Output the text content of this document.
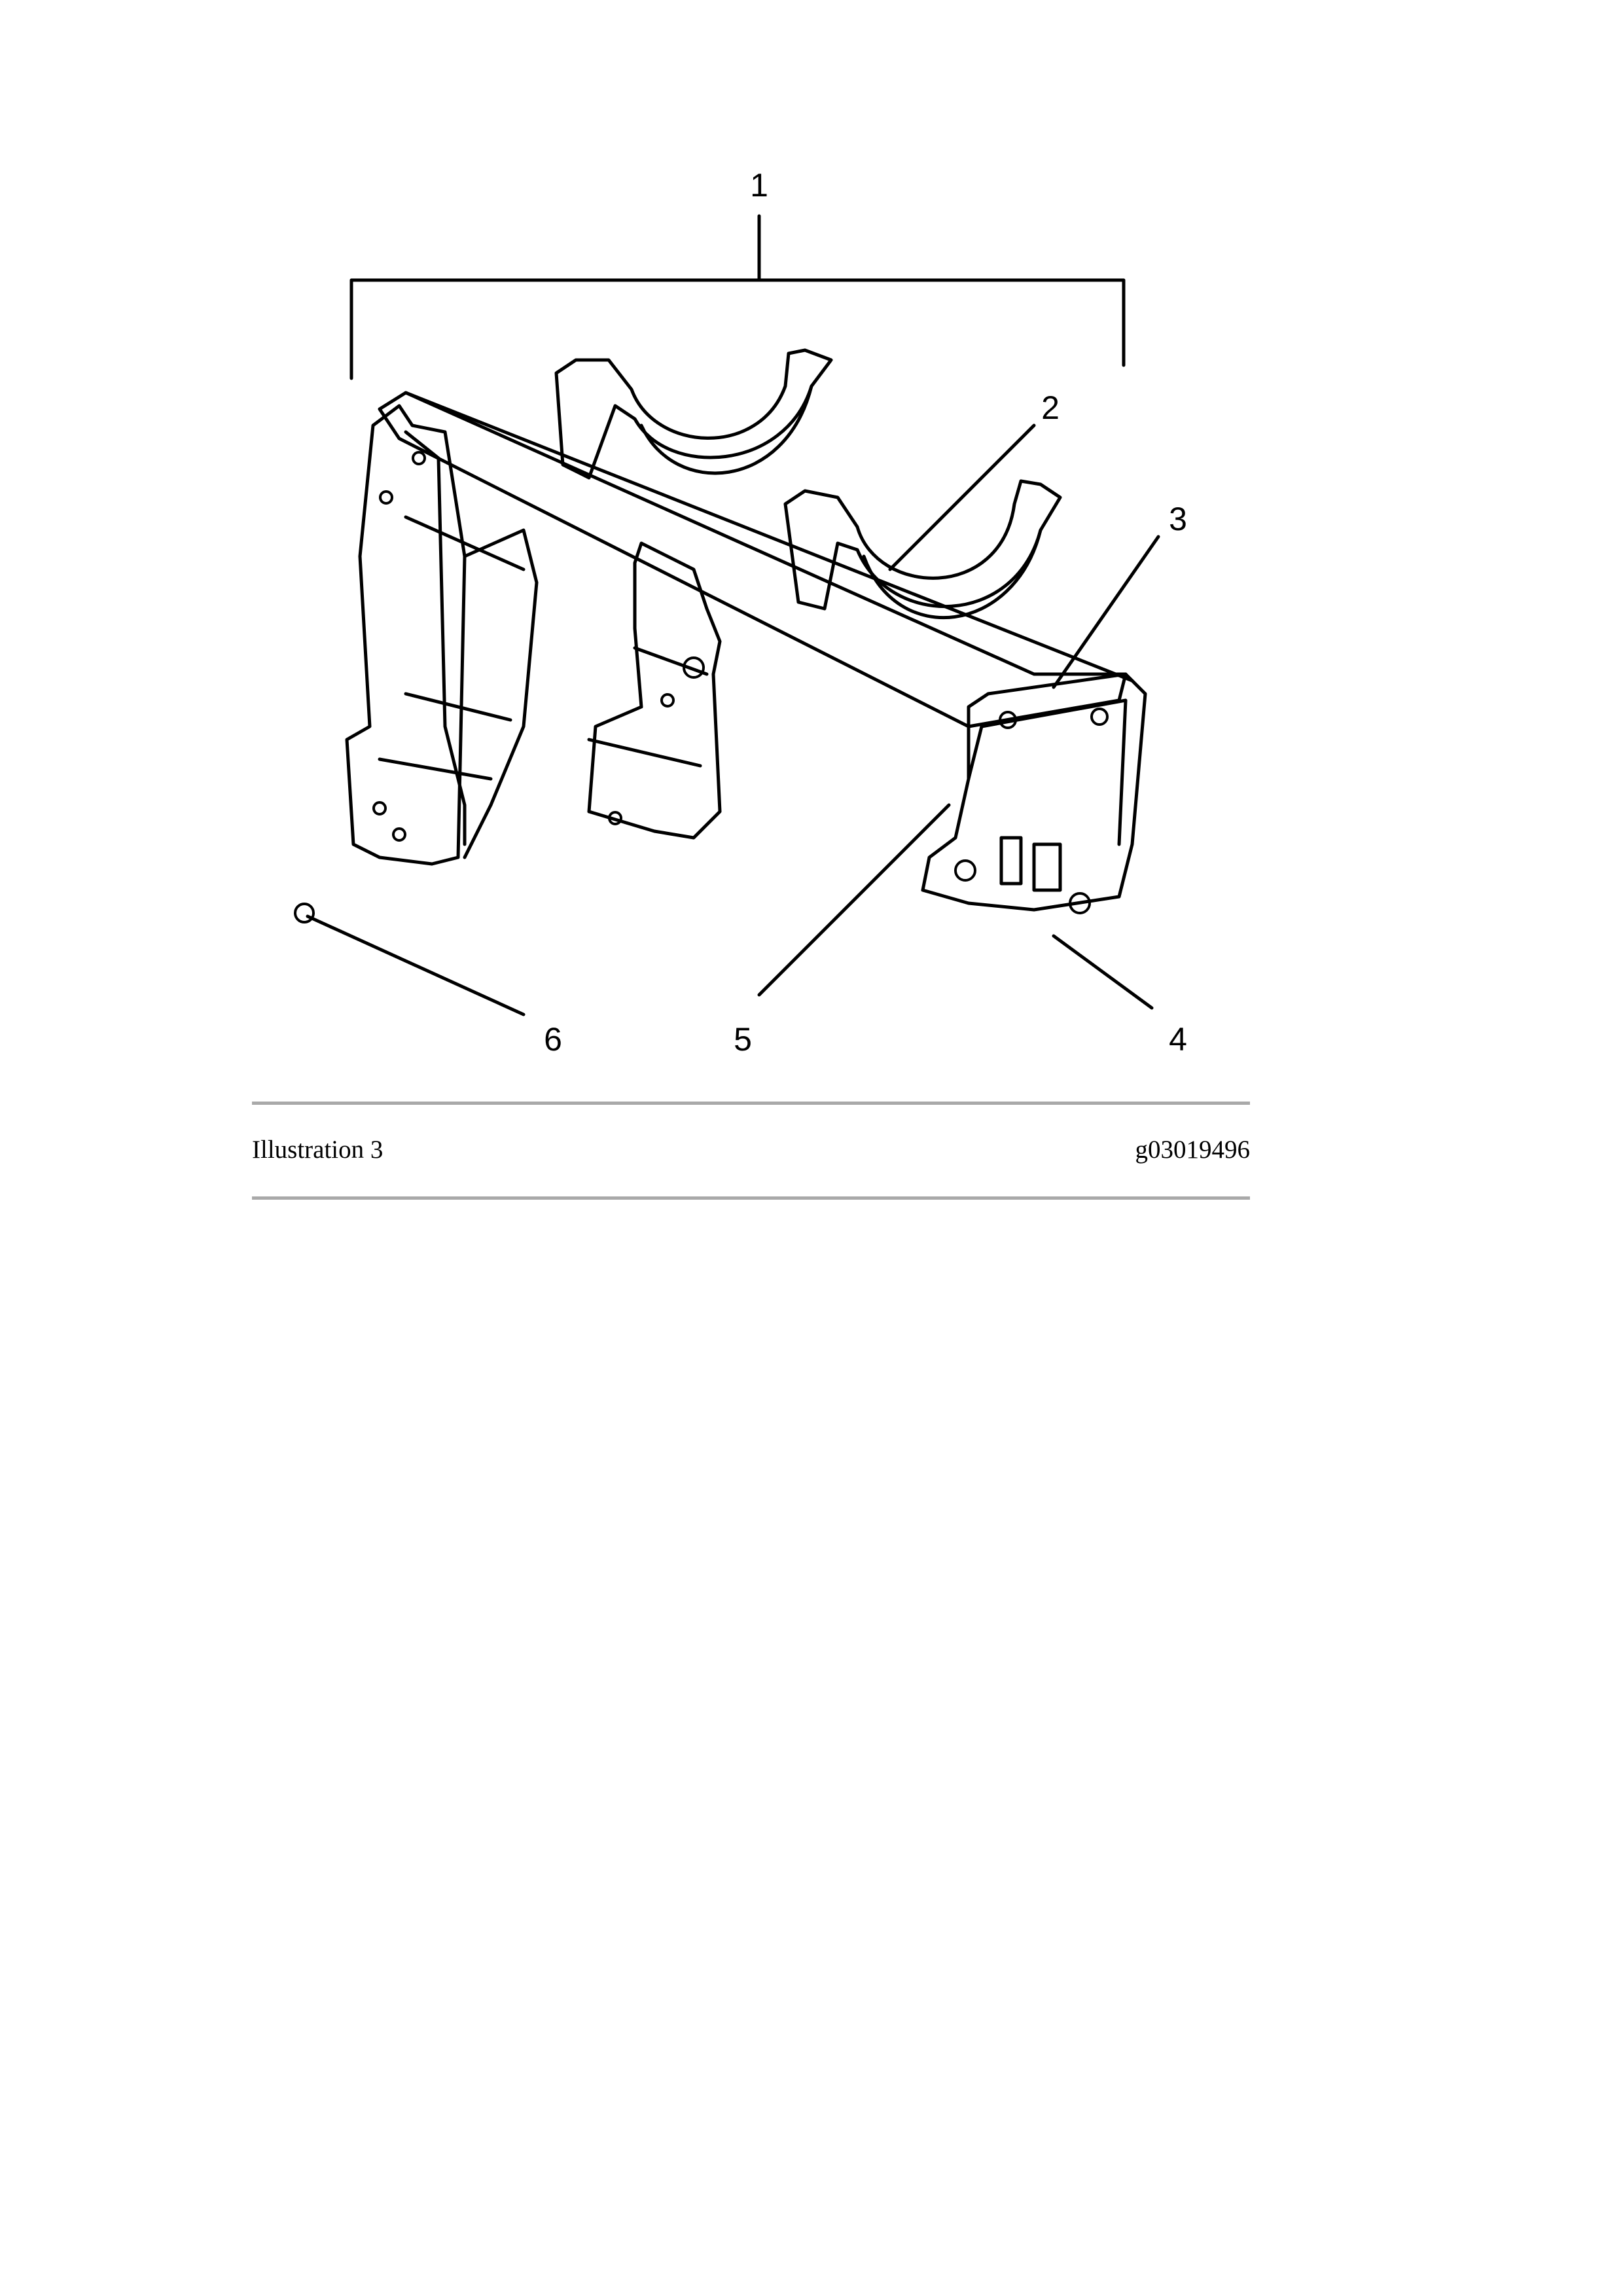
1
2
3
4
5
6
Illustration 3	g03019496
